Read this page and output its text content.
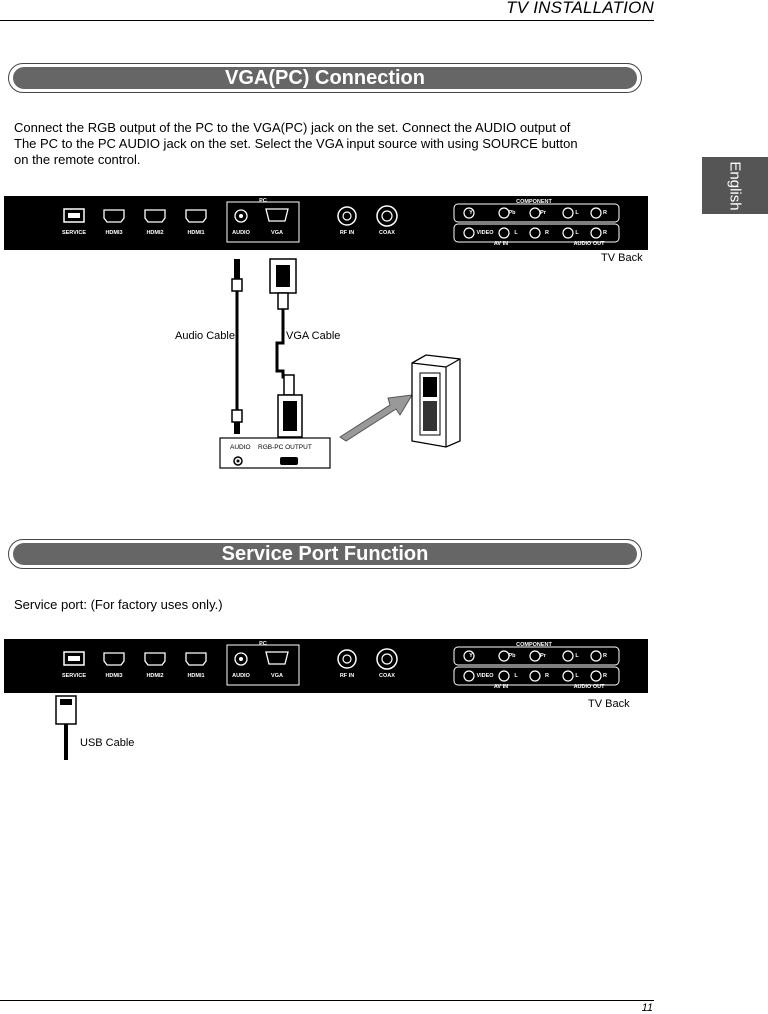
TV INSTALLATION
English
VGA(PC) Connection
Connect the RGB output of the PC to the VGA(PC) jack on the set. Connect the AUDIO output of
The PC to the PC AUDIO jack on the set. Select the VGA input source with using SOURCE button
on the remote control.
SERVICE	HDMI3	HDMI2	HDMI1
PC
AUDIO	VGA	RF IN	COAX
COMPONENT
Y	Pb	Pr	L	R
VIDEO	L	R	L	R
AV IN	AUDIO OUT
TV Back
Audio Cable	VGA Cable
AUDIO RGB-PC OUTPUT
Service Port Function
Service port: (For factory uses only.)
SERVICE	HDMI3	HDMI2	HDMI1
PC
AUDIO	VGA	RF IN	COAX
COMPONENT
Y	Pb	Pr	L	R
VIDEO	L	R	L	R
AV IN	AUDIO OUT
TV Back
USB Cable
11
